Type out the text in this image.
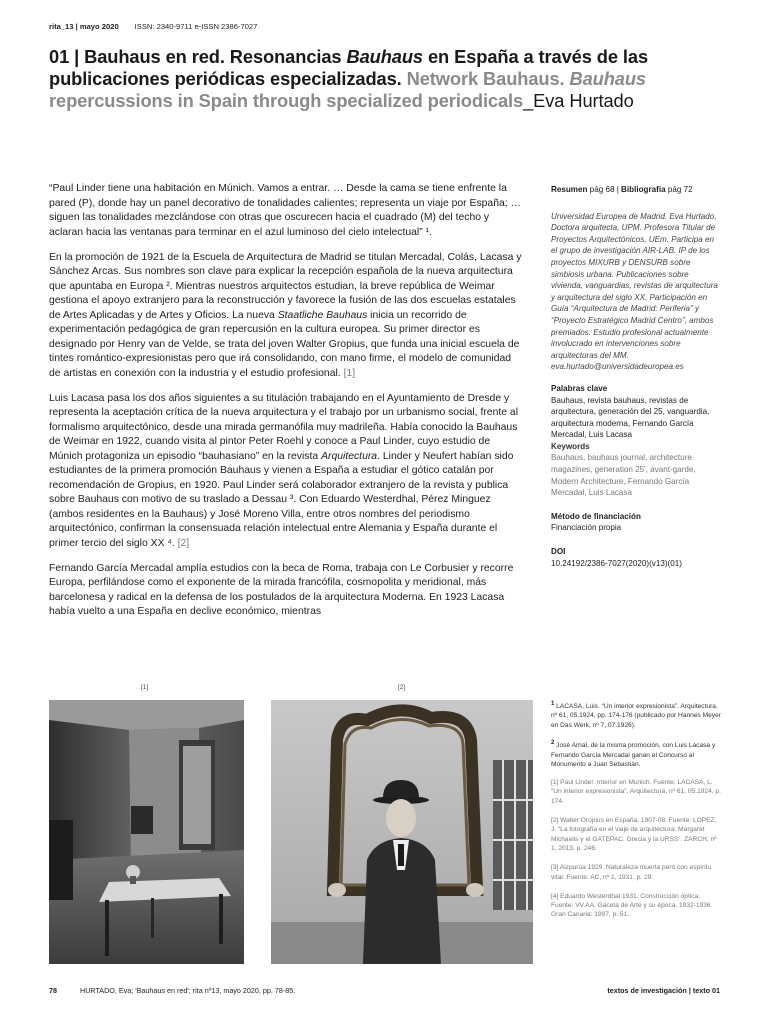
rita_13 | mayo 2020 ISSN: 2340-9711 e-ISSN 2386-7027
01 | Bauhaus en red. Resonancias Bauhaus en España a través de las publicaciones periódicas especializadas. Network Bauhaus. Bauhaus repercussions in Spain through specialized periodicals_Eva Hurtado

“Paul Linder tiene una habitación en Múnich. Vamos a entrar. … Desde la cama se tiene enfrente la pared (P), donde hay un panel decorativo de tonalidades calientes; representa un viaje por España; … siguen las tonalidades mezclándose con otras que oscurecen hacia el cuadrado (M) del techo y aclaran hacia las ventanas para terminar en el azul luminoso del cielo intelectual” ¹.

En la promoción de 1921 de la Escuela de Arquitectura de Madrid se titulan Mercadal, Colás, Lacasa y Sánchez Arcas. Sus nombres son clave para explicar la recepción española de la nueva arquitectura que apuntaba en Europa ². Mientras nuestros arquitectos estudian, la breve república de Weimar gestiona el apoyo extranjero para la reconstrucción y favorece la fusión de las dos escuelas estatales de Artes Aplicadas y de Artes y Oficios. La nueva Staatliche Bauhaus inicia un recorrido de experimentación pedagógica de gran repercusión en la cultura europea. Su primer director es designado por Henry van de Velde, se trata del joven Walter Gropius, que funda una inicial escuela de tintes romántico-expresionistas pero que irá consolidando, con mano firme, el modelo de comunidad de artistas en conexión con la industria y el estudio profesional. [1]

Luis Lacasa pasa los dos años siguientes a su titulación trabajando en el Ayuntamiento de Dresde y representa la aceptación crítica de la nueva arquitectura y el trabajo por un urbanismo social, frente al formalismo arquitectónico, desde una mirada germanófila muy madrileña. Había conocido la Bauhaus de Weimar en 1922, cuando visita al pintor Peter Roehl y conoce a Paul Linder, cuyo estudio de Múnich protagoniza un episodio “bauhasiano” en la revista Arquitectura. Linder y Neufert habían sido estudiantes de la primera promoción Bauhaus y vienen a España a estudiar el gótico catalán por recomendación de Gropius, en 1920. Paul Linder será colaborador extranjero de la revista y publica sobre Bauhaus con motivo de su traslado a Dessau ³. Con Eduardo Westerdhal, Pérez Minguez (ambos residentes en la Bauhaus) y José Moreno Villa, entre otros nombres del periodismo arquitectónico, confirman la consensuada relación intelectual entre Alemania y España durante el primer tercio del siglo XX ⁴. [2]

Fernando García Mercadal amplía estudios con la beca de Roma, trabaja con Le Corbusier y recorre Europa, perfilándose como el exponente de la mirada francófila, cosmopolita y meridional, más barcelonesa y radical en la defensa de los postulados de la arquitectura Moderna. En 1923 Lacasa había vuelto a una España en declive económico, mientras

Resumen pág 68 | Bibliografía pág 72
Universidad Europea de Madrid. Eva Hurtado, Doctora arquitecta, UPM. Profesora Titular de Proyectos Arquitectónicos, UEm. Participa en el grupo de investigación AIR-LAB. IP de los proyectos MIXURB y DENSURB sobre simbiosis urbana. Publicaciones sobre vivienda, vanguardias, revistas de arquitectura y arquitectura del siglo XX. Participación en Guía “Arquitectura de Madrid: Periferia” y “Proyecto Estratégico Madrid Centro”, ambos premiados. Estudio profesional actualmente involucrado en intervenciones sobre arquitecturas del MM. eva.hurtado@universidadeuropea.es
Palabras clave
Bauhaus, revista bauhaus, revistas de arquitectura, generación del 25, vanguardia, arquitectura moderna, Fernando García Mercadal, Luis Lacasa
Keywords
Bauhaus, bauhaus journal, architecture magazines, generation 25', avant-garde, Modern Architecture, Fernando García Mercadal, Luis Lacasa
Método de financiación
Financiación propia
DOI
10.24192/2386-7027(2020)(v13)(01)
[1]	[2]
$^1$ LACASA, Luis. “Un interior expresionista”. Arquitectura, nº 61, 05.1924, pp. 174-176 (publicado por Hannes Meyer en Das Werk, nº 7, 07.1926).
$^2$ José Arnal, de la misma promoción, con Luis Lacasa y Fernando García Mercadal ganan el Concurso al Monumento a Juan Sebastián.
[1] Paul Linder. Interior en Munich. Fuente: LACASA, L. “Un interior expresionista”, Arquitectura, nº 61, 05.1924, p. 174.
[2] Walter Gropius en España, 1907-08. Fuente: LOPEZ, J. “La fotografía en el viaje de arquitectura: Margaret Michaelis y el GATEPAC. Grecia y la URSS”. ZARCH, nº 1, 2013, p. 246.
[3] Aizpurúa 1929. Naturaleza muerta pero con espíritu vital. Fuente: AC, nº 1, 1931, p. 29.
[4] Eduardo Westerdhal 1931. Construcción óptica. Fuente: VV.AA. Gaceta de Arte y su época. 1932-1936. Gran Canaria: 1997, p. 51.
78	HURTADO, Eva; 'Bauhaus en red'; rita nº13, mayo 2020, pp. 78-85.	textos de investigación | texto 01
